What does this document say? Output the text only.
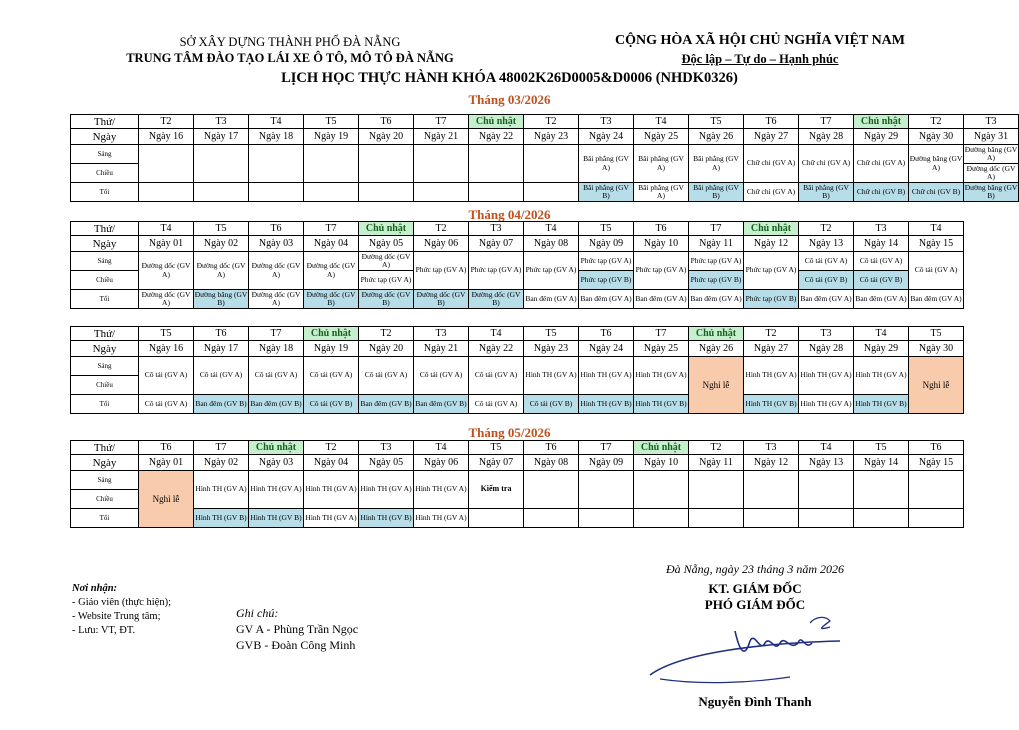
SỞ XÂY DỰNG THÀNH PHỐ ĐÀ NẴNG
TRUNG TÂM ĐÀO TẠO LÁI XE Ô TÔ, MÔ TÔ ĐÀ NẴNG
CỘNG HÒA XÃ HỘI CHỦ NGHĨA VIỆT NAM
Độc lập – Tự do – Hạnh phúc
LỊCH HỌC THỰC HÀNH KHÓA 48002K26D0005&D0006 (NHDK0326)
Tháng 03/2026
Thứ/	T2	T3	T4	T5	T6	T7	Chủ nhật	T2	T3	T4	T5	T6	T7	Chủ nhật	T2	T3
Ngày	Ngày 16	Ngày 17	Ngày 18	Ngày 19	Ngày 20	Ngày 21	Ngày 22	Ngày 23	Ngày 24	Ngày 25	Ngày 26	Ngày 27	Ngày 28	Ngày 29	Ngày 30	Ngày 31
Sáng									Bãi phẳng (GV A)	Bãi phẳng (GV A)	Bãi phẳng (GV A)	Chữ chi (GV A)	Chữ chi (GV A)	Chữ chi (GV A)	Đường băng (GV A)	Đường băng (GV A)
Chiều																Đường dốc (GV A)
Tối									Bãi phẳng (GV B)	Bãi phẳng (GV A)	Bãi phẳng (GV B)	Chữ chi (GV A)	Bãi phẳng (GV B)	Chữ chi (GV B)	Chữ chi (GV B)	Đường băng (GV B)
Tháng 04/2026
Thứ/	T4	T5	T6	T7	Chủ nhật	T2	T3	T4	T5	T6	T7	Chủ nhật	T2	T3	T4	
Ngày	Ngày 01	Ngày 02	Ngày 03	Ngày 04	Ngày 05	Ngày 06	Ngày 07	Ngày 08	Ngày 09	Ngày 10	Ngày 11	Ngày 12	Ngày 13	Ngày 14	Ngày 15	
Sáng	Đường dốc (GV A)	Đường dốc (GV A)	Đường dốc (GV A)	Đường dốc (GV A)	Đường dốc (GV A)	Phức tạp (GV A)	Phức tạp (GV A)	Phức tạp (GV A)	Phức tạp (GV A)	Phức tạp (GV A)	Phức tạp (GV A)	Phức tạp (GV A)	Cô tải (GV A)	Cô tải (GV A)	Cô tải (GV A)	
Chiều					Phức tạp (GV A)				Phức tạp (GV B)		Phức tạp (GV B)		Cô tải (GV B)	Cô tải (GV B)		
Tối	Đường dốc (GV A)	Đường băng (GV B)	Đường dốc (GV A)	Đường dốc (GV B)	Đường dốc (GV B)	Đường dốc (GV B)	Đường dốc (GV B)	Ban đêm (GV A)	Ban đêm (GV A)	Ban đêm (GV A)	Ban đêm (GV A)	Phức tạp (GV B)	Ban đêm (GV A)	Ban đêm (GV A)	Ban đêm (GV A)	
Thứ/	T5	T6	T7	Chủ nhật	T2	T3	T4	T5	T6	T7	Chủ nhật	T2	T3	T4	T5	
Ngày	Ngày 16	Ngày 17	Ngày 18	Ngày 19	Ngày 20	Ngày 21	Ngày 22	Ngày 23	Ngày 24	Ngày 25	Ngày 26	Ngày 27	Ngày 28	Ngày 29	Ngày 30	
Sáng	Cô tải (GV A)	Cô tải (GV A)	Cô tải (GV A)	Cô tải (GV A)	Cô tải (GV A)	Cô tải (GV A)	Cô tải (GV A)	Hình TH (GV A)	Hình TH (GV A)	Hình TH (GV A)	Nghỉ lễ	Hình TH (GV A)	Hình TH (GV A)	Hình TH (GV A)	Nghỉ lễ	
Chiều																
Tối	Cô tải (GV A)	Ban đêm (GV B)	Ban đêm (GV B)	Cô tải (GV B)	Ban đêm (GV B)	Ban đêm (GV B)	Cô tải (GV A)	Cô tải (GV B)	Hình TH (GV B)	Hình TH (GV B)		Hình TH (GV B)	Hình TH (GV A)	Hình TH (GV B)		
Tháng 05/2026
Thứ/	T6	T7	Chủ nhật	T2	T3	T4	T5	T6	T7	Chủ nhật	T2	T3	T4	T5	T6	
Ngày	Ngày 01	Ngày 02	Ngày 03	Ngày 04	Ngày 05	Ngày 06	Ngày 07	Ngày 08	Ngày 09	Ngày 10	Ngày 11	Ngày 12	Ngày 13	Ngày 14	Ngày 15	
Sáng	Nghỉ lễ	Hình TH (GV A)	Hình TH (GV A)	Hình TH (GV A)	Hình TH (GV A)	Hình TH (GV A)	Kiểm tra									
Chiều																
Tối		Hình TH (GV B)	Hình TH (GV B)	Hình TH (GV A)	Hình TH (GV B)	Hình TH (GV A)										
Nơi nhận:
- Giáo viên (thực hiện);
- Website Trung tâm;
- Lưu: VT, ĐT.
Ghi chú:
GV A - Phùng Trần Ngọc
GVB - Đoàn Công Minh
Đà Nẵng, ngày 23 tháng 3 năm 2026
KT. GIÁM ĐỐC
PHÓ GIÁM ĐỐC
Nguyễn Đình Thanh
